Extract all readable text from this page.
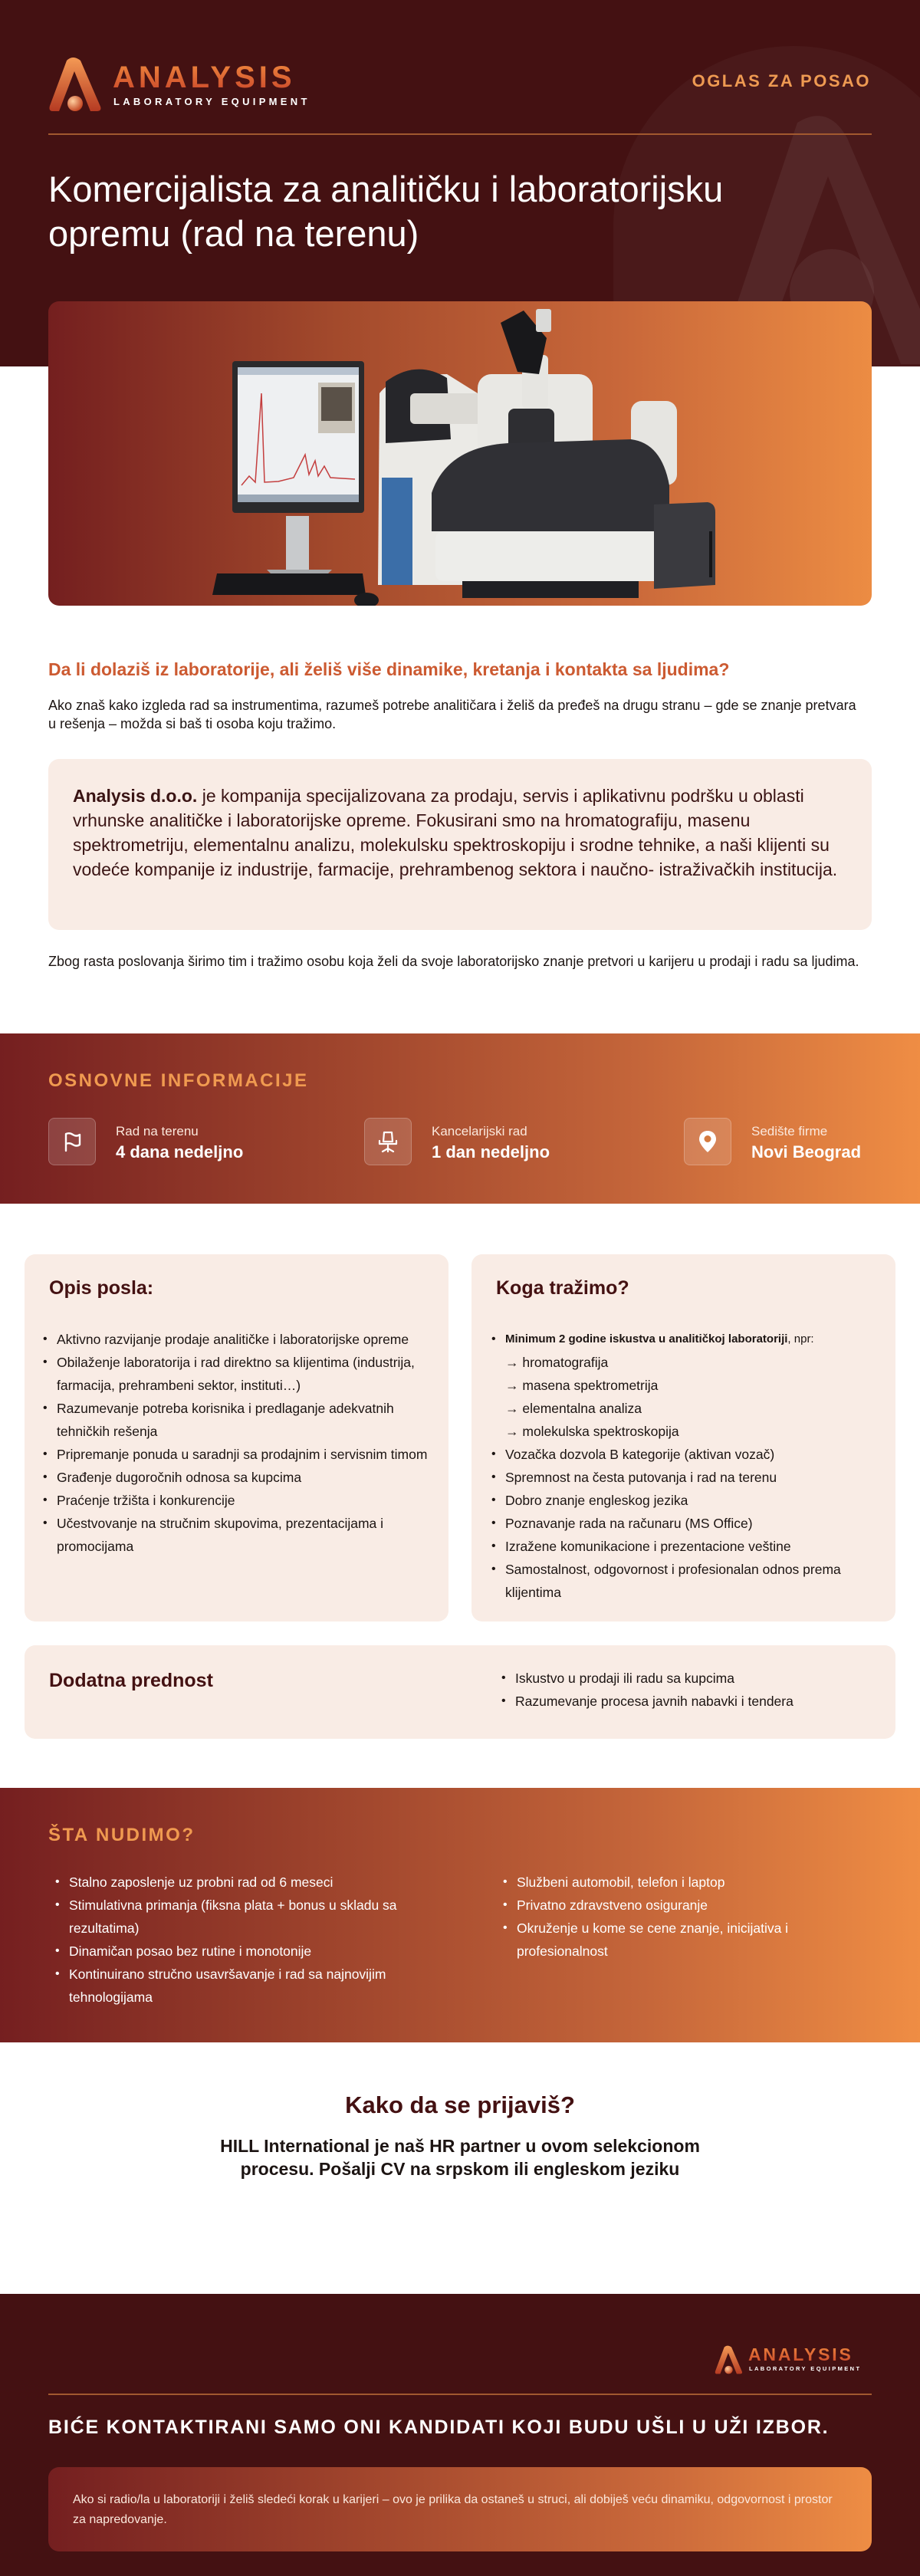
ANALYSIS
LABORATORY EQUIPMENT
OGLAS ZA POSAO
Komercijalista za analitičku i laboratorijsku opremu (rad na terenu)
Da li dolaziš iz laboratorije, ali želiš više dinamike, kretanja i kontakta sa ljudima?

Ako znaš kako izgleda rad sa instrumentima, razumeš potrebe analitičara i želiš da pređeš na drugu stranu – gde se znanje pretvara u rešenja – možda si baš ti osoba koju tražimo.

Analysis d.o.o. je kompanija specijalizovana za prodaju, servis i aplikativnu podršku u oblasti vrhunske analitičke i laboratorijske opreme. Fokusirani smo na hromatografiju, masenu spektrometriju, elementalnu analizu, molekulsku spektroskopiju i srodne tehnike, a naši klijenti su vodeće kompanije iz industrije, farmacije, prehrambenog sektora i naučno- istraživačkih institucija.

Zbog rasta poslovanja širimo tim i tražimo osobu koja želi da svoje laboratorijsko znanje pretvori u karijeru u prodaji i radu sa ljudima.

OSNOVNE INFORMACIJE
Rad na terenu
4 dana nedeljno
Kancelarijski rad
1 dan nedeljno
Sedište firme
Novi Beograd
Opis posla:
• Aktivno razvijanje prodaje analitičke i laboratorijske opreme
• Obilaženje laboratorija i rad direktno sa klijentima (industrija, farmacija, prehrambeni sektor, instituti…)
• Razumevanje potreba korisnika i predlaganje adekvatnih tehničkih rešenja
• Pripremanje ponuda u saradnji sa prodajnim i servisnim timom
• Građenje dugoročnih odnosa sa kupcima
• Praćenje tržišta i konkurencije
• Učestvovanje na stručnim skupovima, prezentacijama i promocijama
Koga tražimo?
• Minimum 2 godine iskustva u analitičkoj laboratoriji, npr:
→ hromatografija
→ masena spektrometrija
→ elementalna analiza
→ molekulska spektroskopija
• Vozačka dozvola B kategorije (aktivan vozač)
• Spremnost na česta putovanja i rad na terenu
• Dobro znanje engleskog jezika
• Poznavanje rada na računaru (MS Office)
• Izražene komunikacione i prezentacione veštine
• Samostalnost, odgovornost i profesionalan odnos prema klijentima
Dodatna prednost	• Iskustvo u prodaji ili radu sa kupcima
• Razumevanje procesa javnih nabavki i tendera
ŠTA NUDIMO?
• Stalno zaposlenje uz probni rad od 6 meseci
• Stimulativna primanja (fiksna plata + bonus u skladu sa rezultatima)
• Dinamičan posao bez rutine i monotonije
• Kontinuirano stručno usavršavanje i rad sa najnovijim tehnologijama
• Službeni automobil, telefon i laptop
• Privatno zdravstveno osiguranje
• Okruženje u kome se cene znanje, inicijativa i profesionalnost
Kako da se prijaviš?

HILL International je naš HR partner u ovom selekcionom procesu. Pošalji CV na srpskom ili engleskom jeziku

ANALYSIS
LABORATORY EQUIPMENT
BIĆE KONTAKTIRANI SAMO ONI KANDIDATI KOJI BUDU UŠLI U UŽI IZBOR.

Ako si radio/la u laboratoriji i želiš sledeći korak u karijeri – ovo je prilika da ostaneš u struci, ali dobiješ veću dinamiku, odgovornost i prostor za napredovanje.
